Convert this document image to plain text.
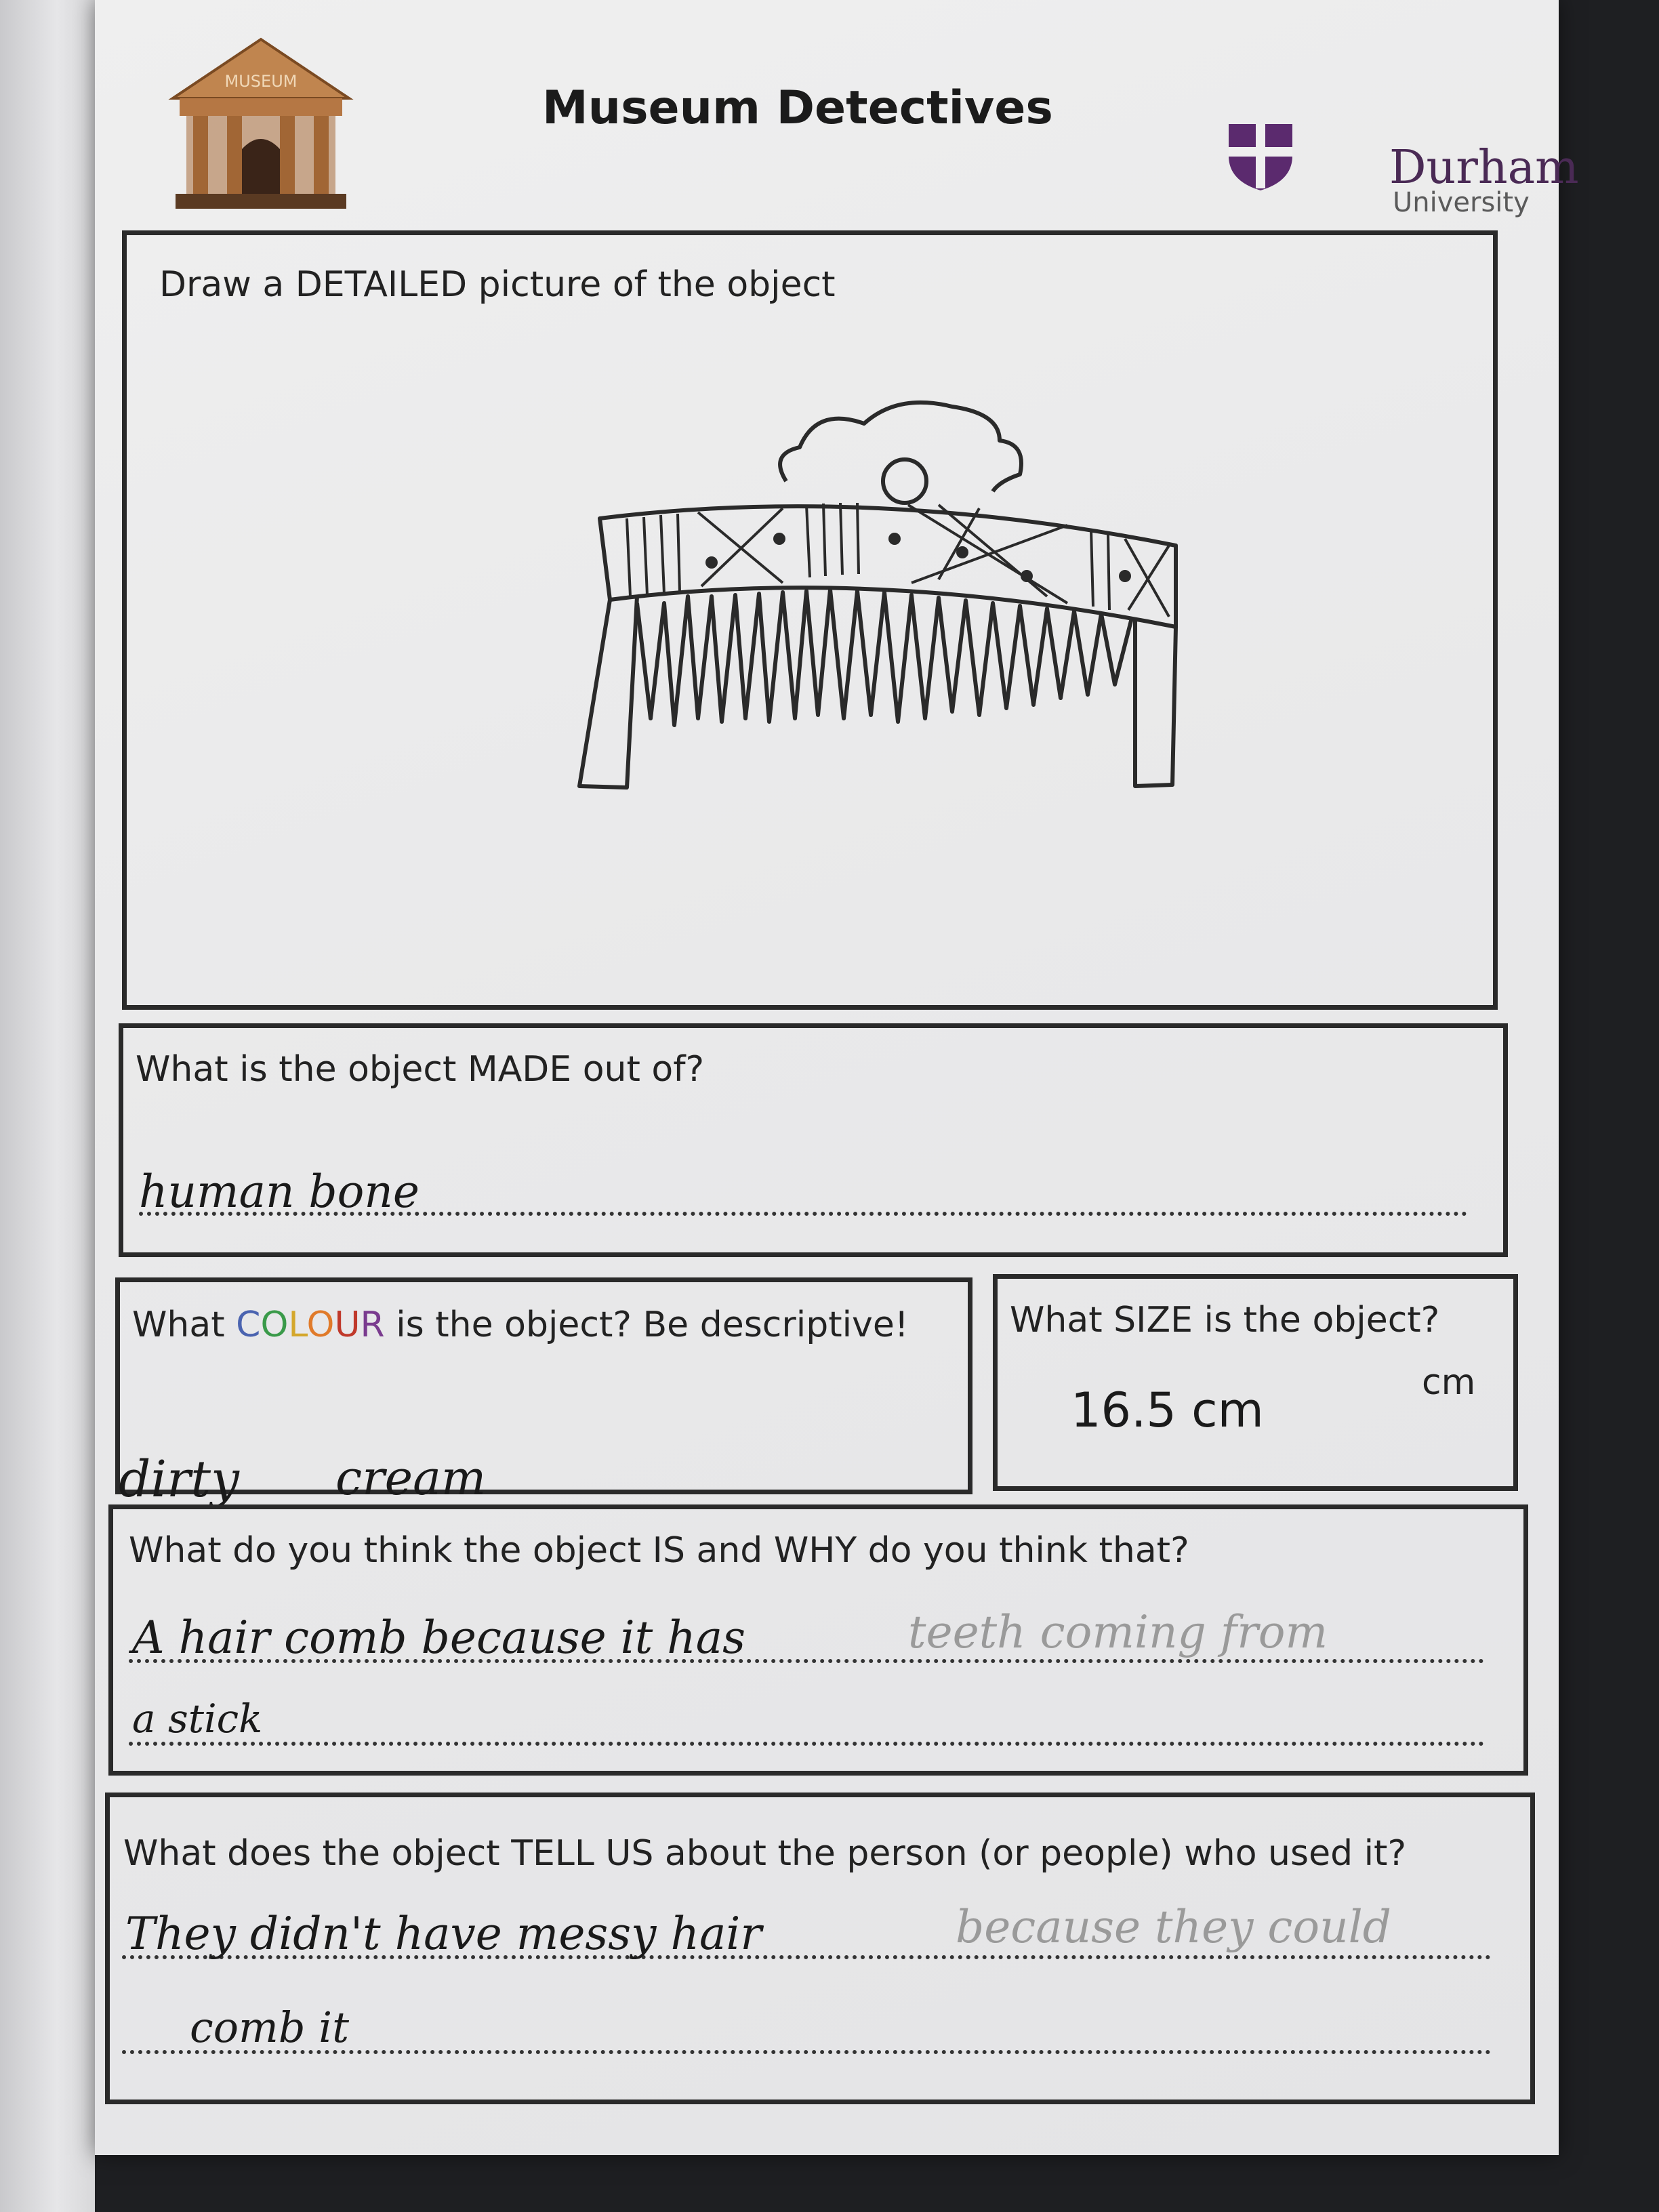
MUSEUM	Museum Detectives
Durham
University
Draw a DETAILED picture of the object
What is the object MADE out of?
human bone
What COLOUR is the object? Be descriptive!
dirty cream
What SIZE is the object?
cm
16.5 cm
What do you think the object IS and WHY do you think that?
A hair comb because it has	teeth coming from
a stick
What does the object TELL US about the person (or people) who used it?
They didn't have messy hair	because they could
comb it
